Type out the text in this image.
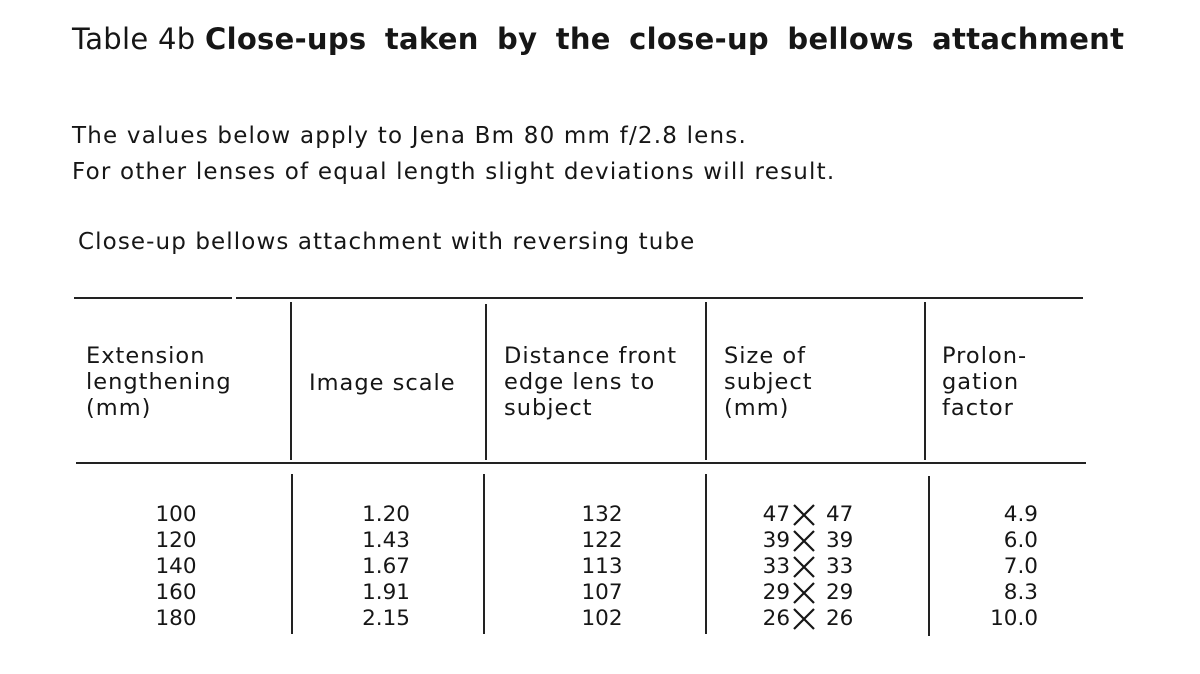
Table 4b Close-ups taken by the close-up bellows attachment
The values below apply to Jena Bm 80 mm f/2.8 lens.
For other lenses of equal length slight deviations will result.
Close-up bellows attachment with reversing tube
Extension
lengthening
(mm)
Image scale
Distance front
edge lens to
subject
Size of
subject
(mm)
Prolon-
gation
factor
100
120
140
160
180
1.20
1.43
1.67
1.91
2.15
132
122
113
107
102
47 47
39 39
33 33
29 29
26 26
4.9
6.0
7.0
8.3
10.0
